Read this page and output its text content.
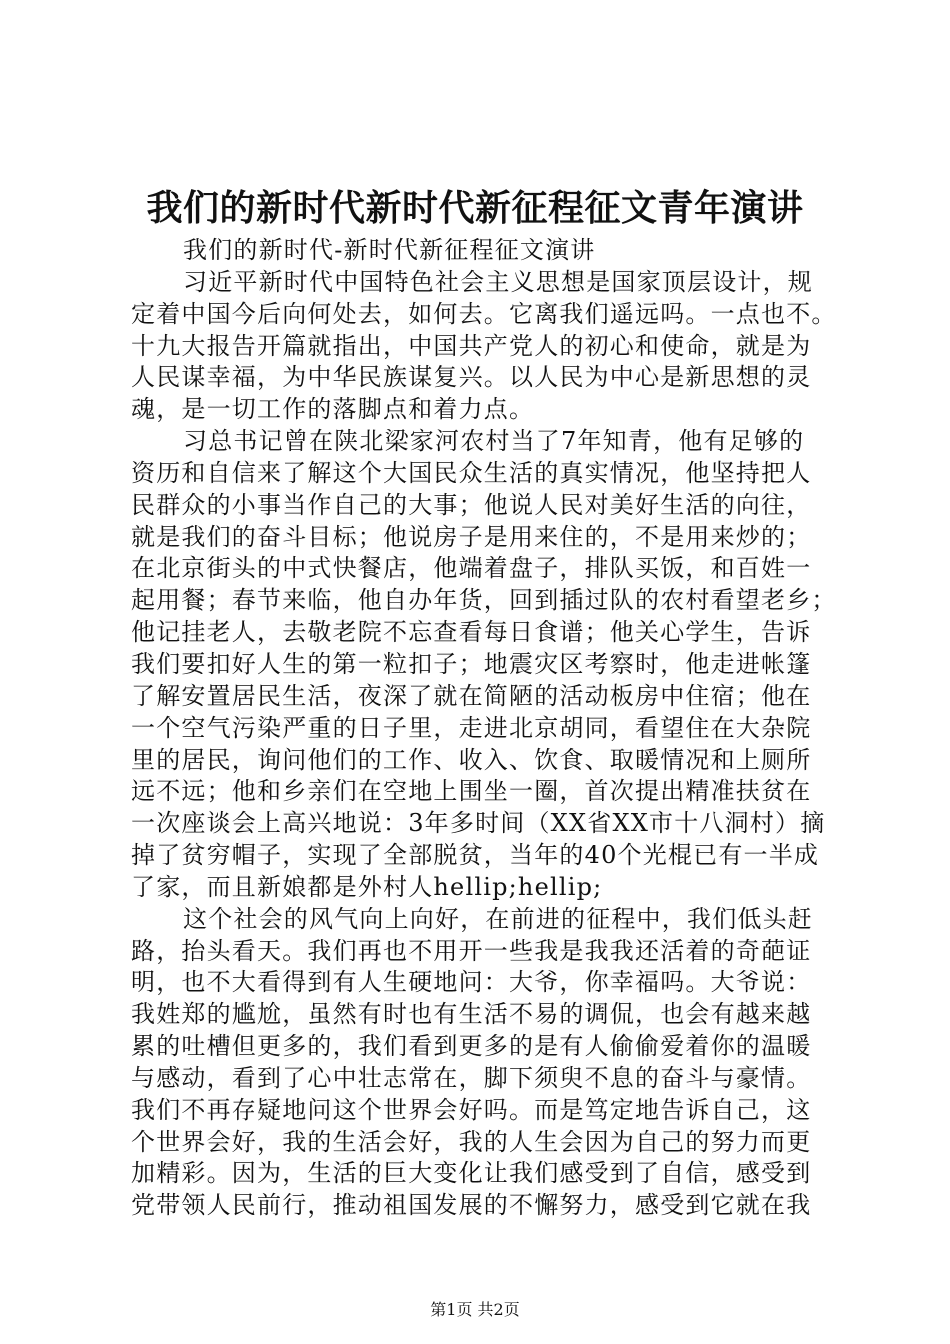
我们的新时代新时代新征程征文青年演讲
我们的新时代-新时代新征程征文演讲
习近平新时代中国特色社会主义思想是国家顶层设计，规
定着中国今后向何处去，如何去。它离我们遥远吗。一点也不。
十九大报告开篇就指出，中国共产党人的初心和使命，就是为
人民谋幸福，为中华民族谋复兴。以人民为中心是新思想的灵
魂，是一切工作的落脚点和着力点。
习总书记曾在陕北梁家河农村当了7年知青，他有足够的
资历和自信来了解这个大国民众生活的真实情况，他坚持把人
民群众的小事当作自己的大事；他说人民对美好生活的向往，
就是我们的奋斗目标；他说房子是用来住的，不是用来炒的；
在北京街头的中式快餐店，他端着盘子，排队买饭，和百姓一
起用餐；春节来临，他自办年货，回到插过队的农村看望老乡；
他记挂老人，去敬老院不忘查看每日食谱；他关心学生，告诉
我们要扣好人生的第一粒扣子；地震灾区考察时，他走进帐篷
了解安置居民生活，夜深了就在简陋的活动板房中住宿；他在
一个空气污染严重的日子里，走进北京胡同，看望住在大杂院
里的居民，询问他们的工作、收入、饮食、取暖情况和上厕所
远不远；他和乡亲们在空地上围坐一圈，首次提出精准扶贫在
一次座谈会上高兴地说：3年多时间（XX省XX市十八洞村）摘
掉了贫穷帽子，实现了全部脱贫，当年的40个光棍已有一半成
了家，而且新娘都是外村人hellip;hellip;
这个社会的风气向上向好，在前进的征程中，我们低头赶
路，抬头看天。我们再也不用开一些我是我我还活着的奇葩证
明，也不大看得到有人生硬地问：大爷，你幸福吗。大爷说：
我姓郑的尴尬，虽然有时也有生活不易的调侃，也会有越来越
累的吐槽但更多的，我们看到更多的是有人偷偷爱着你的温暖
与感动，看到了心中壮志常在，脚下须臾不息的奋斗与豪情。
我们不再存疑地问这个世界会好吗。而是笃定地告诉自己，这
个世界会好，我的生活会好，我的人生会因为自己的努力而更
加精彩。因为，生活的巨大变化让我们感受到了自信，感受到
党带领人民前行，推动祖国发展的不懈努力，感受到它就在我
第1页 共2页
